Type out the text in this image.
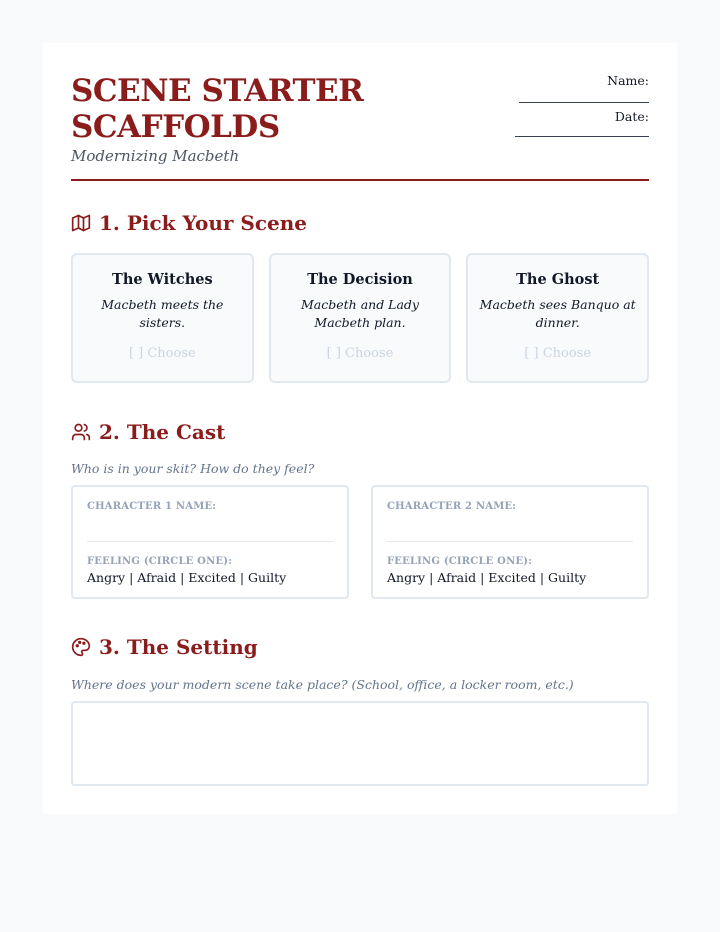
SCENE STARTER
SCAFFOLDS
Modernizing Macbeth
Name:
Date:
1. Pick Your Scene
The Witches
Macbeth meets the sisters.
[ ] Choose
The Decision
Macbeth and Lady Macbeth plan.
[ ] Choose
The Ghost
Macbeth sees Banquo at dinner.
[ ] Choose
2. The Cast
Who is in your skit? How do they feel?
CHARACTER 1 NAME:
FEELING (CIRCLE ONE):
Angry | Afraid | Excited | Guilty
CHARACTER 2 NAME:
FEELING (CIRCLE ONE):
Angry | Afraid | Excited | Guilty
3. The Setting
Where does your modern scene take place? (School, office, a locker room, etc.)
